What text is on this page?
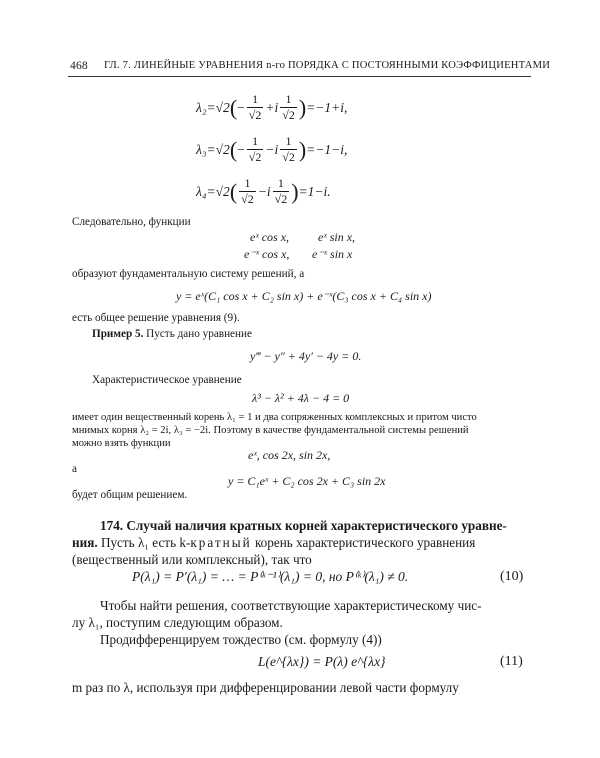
468 ГЛ. 7. ЛИНЕЙНЫЕ УРАВНЕНИЯ n-го ПОРЯДКА С ПОСТОЯННЫМИ КОЭФФИЦИЕНТАМИ
λ₂=√2 ( − $\frac{1}{√2} +i \frac{1}{√2}$ ) =−1+i,
λ₃=√2 ( − $\frac{1}{√2} -i \frac{1}{√2}$ ) =−1−i,
λ₄=√2 ( $\frac{1}{√2} -i \frac{1}{√2}$ ) =1−i.
Следовательно, функции
eˣ cos x, eˣ sin x,
e⁻ˣ cos x, e⁻ˣ sin x
образуют фундаментальную систему решений, а
y = eˣ(C₁ cos x + C₂ sin x) + e⁻ˣ(C₃ cos x + C₄ sin x)
есть общее решение уравнения (9).
Пример 5. Пусть дано уравнение
y‴ − y″ + 4y′ − 4y = 0.
Характеристическое уравнение
λ³ − λ² + 4λ − 4 = 0
имеет один вещественный корень λ₁ = 1 и два сопряженных комплексных и притом чисто
мнимых корня λ₂ = 2i, λ₃ = −2i. Поэтому в качестве фундаментальной системы решений
можно взять функции
eˣ, cos 2x, sin 2x,
а
y = C₁eˣ + C₂ cos 2x + C₃ sin 2x
будет общим решением.
174. Случай наличия кратных корней характеристического уравне-
ния. Пусть λ₁ есть k-кратный корень характеристического уравнения
(вещественный или комплексный), так что
P(λ₁) = P′(λ₁) = … = P⁽ᵏ⁻¹⁾(λ₁) = 0, но P⁽ᵏ⁾(λ₁) ≠ 0.	(10)
Чтобы найти решения, соответствующие характеристическому чис-
лу λ₁, поступим следующим образом.
Продифференцируем тождество (см. формулу (4))
L(e^{λx}) = P(λ) e^{λx}	(11)
m раз по λ, используя при дифференцировании левой части формулу
